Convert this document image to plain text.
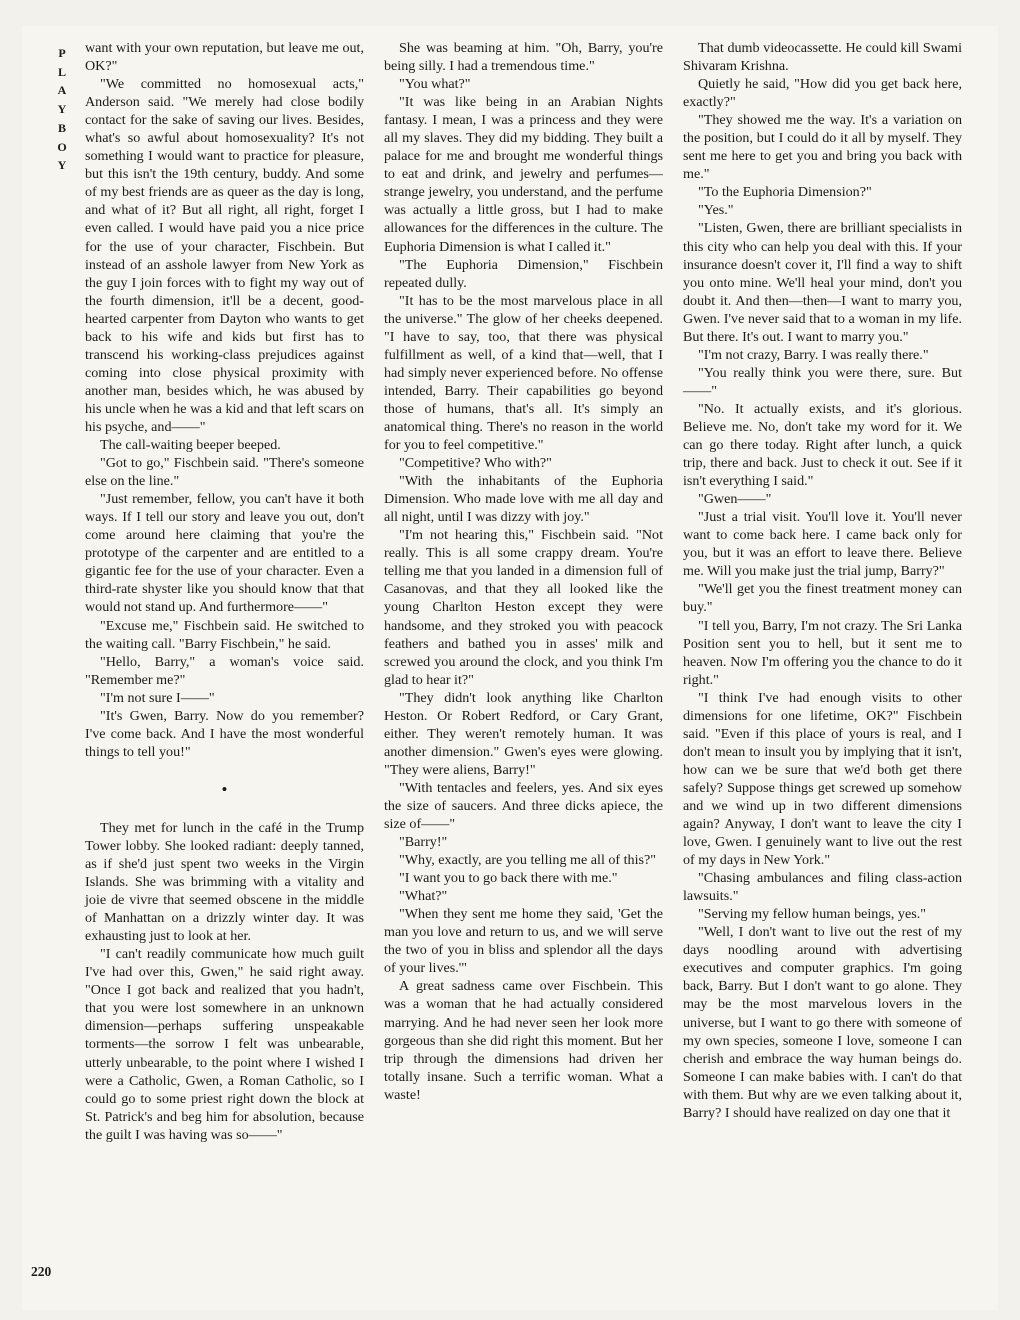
P
L
A
Y
B
O
Y
220

want with your own reputation, but leave me out, OK?"

"We committed no homosexual acts," Anderson said. "We merely had close bodily contact for the sake of saving our lives. Besides, what's so awful about homosexuality? It's not something I would want to practice for pleasure, but this isn't the 19th century, buddy. And some of my best friends are as queer as the day is long, and what of it? But all right, all right, forget I even called. I would have paid you a nice price for the use of your character, Fischbein. But instead of an asshole lawyer from New York as the guy I join forces with to fight my way out of the fourth dimension, it'll be a decent, good-hearted carpenter from Dayton who wants to get back to his wife and kids but first has to transcend his working-class prejudices against coming into close physical proximity with another man, besides which, he was abused by his uncle when he was a kid and that left scars on his psyche, and——"

The call-waiting beeper beeped.

"Got to go," Fischbein said. "There's someone else on the line."

"Just remember, fellow, you can't have it both ways. If I tell our story and leave you out, don't come around here claiming that you're the prototype of the carpenter and are entitled to a gigantic fee for the use of your character. Even a third-rate shyster like you should know that that would not stand up. And furthermore——"

"Excuse me," Fischbein said. He switched to the waiting call. "Barry Fischbein," he said.

"Hello, Barry," a woman's voice said. "Remember me?"

"I'm not sure I——"

"It's Gwen, Barry. Now do you remember? I've come back. And I have the most wonderful things to tell you!"

•

They met for lunch in the café in the Trump Tower lobby. She looked radiant: deeply tanned, as if she'd just spent two weeks in the Virgin Islands. She was brimming with a vitality and joie de vivre that seemed obscene in the middle of Manhattan on a drizzly winter day. It was exhausting just to look at her.

"I can't readily communicate how much guilt I've had over this, Gwen," he said right away. "Once I got back and realized that you hadn't, that you were lost somewhere in an unknown dimension—perhaps suffering unspeakable torments—the sorrow I felt was unbearable, utterly unbearable, to the point where I wished I were a Catholic, Gwen, a Roman Catholic, so I could go to some priest right down the block at St. Patrick's and beg him for absolution, because the guilt I was having was so——"

She was beaming at him. "Oh, Barry, you're being silly. I had a tremendous time."

"You what?"

"It was like being in an Arabian Nights fantasy. I mean, I was a princess and they were all my slaves. They did my bidding. They built a palace for me and brought me wonderful things to eat and drink, and jewelry and perfumes—strange jewelry, you understand, and the perfume was actually a little gross, but I had to make allowances for the differences in the culture. The Euphoria Dimension is what I called it."

"The Euphoria Dimension," Fischbein repeated dully.

"It has to be the most marvelous place in all the universe." The glow of her cheeks deepened. "I have to say, too, that there was physical fulfillment as well, of a kind that—well, that I had simply never experienced before. No offense intended, Barry. Their capabilities go beyond those of humans, that's all. It's simply an anatomical thing. There's no reason in the world for you to feel competitive."

"Competitive? Who with?"

"With the inhabitants of the Euphoria Dimension. Who made love with me all day and all night, until I was dizzy with joy."

"I'm not hearing this," Fischbein said. "Not really. This is all some crappy dream. You're telling me that you landed in a dimension full of Casanovas, and that they all looked like the young Charlton Heston except they were handsome, and they stroked you with peacock feathers and bathed you in asses' milk and screwed you around the clock, and you think I'm glad to hear it?"

"They didn't look anything like Charlton Heston. Or Robert Redford, or Cary Grant, either. They weren't remotely human. It was another dimension." Gwen's eyes were glowing. "They were aliens, Barry!"

"With tentacles and feelers, yes. And six eyes the size of saucers. And three dicks apiece, the size of——"

"Barry!"

"Why, exactly, are you telling me all of this?"

"I want you to go back there with me."

"What?"

"When they sent me home they said, 'Get the man you love and return to us, and we will serve the two of you in bliss and splendor all the days of your lives.'"

A great sadness came over Fischbein. This was a woman that he had actually considered marrying. And he had never seen her look more gorgeous than she did right this moment. But her trip through the dimensions had driven her totally insane. Such a terrific woman. What a waste!

That dumb videocassette. He could kill Swami Shivaram Krishna.

Quietly he said, "How did you get back here, exactly?"

"They showed me the way. It's a variation on the position, but I could do it all by myself. They sent me here to get you and bring you back with me."

"To the Euphoria Dimension?"

"Yes."

"Listen, Gwen, there are brilliant specialists in this city who can help you deal with this. If your insurance doesn't cover it, I'll find a way to shift you onto mine. We'll heal your mind, don't you doubt it. And then—then—I want to marry you, Gwen. I've never said that to a woman in my life. But there. It's out. I want to marry you."

"I'm not crazy, Barry. I was really there."

"You really think you were there, sure. But——"

"No. It actually exists, and it's glorious. Believe me. No, don't take my word for it. We can go there today. Right after lunch, a quick trip, there and back. Just to check it out. See if it isn't everything I said."

"Gwen——"

"Just a trial visit. You'll love it. You'll never want to come back here. I came back only for you, but it was an effort to leave there. Believe me. Will you make just the trial jump, Barry?"

"We'll get you the finest treatment money can buy."

"I tell you, Barry, I'm not crazy. The Sri Lanka Position sent you to hell, but it sent me to heaven. Now I'm offering you the chance to do it right."

"I think I've had enough visits to other dimensions for one lifetime, OK?" Fischbein said. "Even if this place of yours is real, and I don't mean to insult you by implying that it isn't, how can we be sure that we'd both get there safely? Suppose things get screwed up somehow and we wind up in two different dimensions again? Anyway, I don't want to leave the city I love, Gwen. I genuinely want to live out the rest of my days in New York."

"Chasing ambulances and filing class-action lawsuits."

"Serving my fellow human beings, yes."

"Well, I don't want to live out the rest of my days noodling around with advertising executives and computer graphics. I'm going back, Barry. But I don't want to go alone. They may be the most marvelous lovers in the universe, but I want to go there with someone of my own species, someone I love, someone I can cherish and embrace the way human beings do. Someone I can make babies with. I can't do that with them. But why are we even talking about it, Barry? I should have realized on day one that it
